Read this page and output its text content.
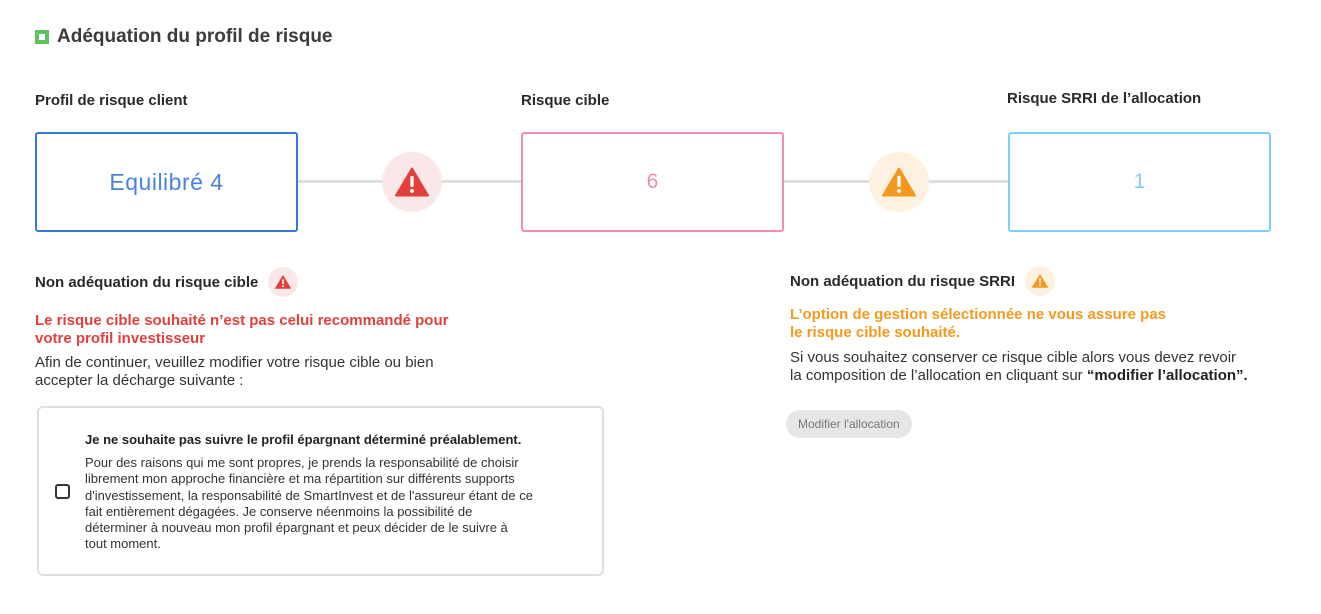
Adéquation du profil de risque
Profil de risque client	Risque cible	Risque SRRI de l’allocation
Equilibré 4	6	1
Non adéquation du risque cible
Le risque cible souhaité n’est pas celui recommandé pour
votre profil investisseur
Afin de continuer, veuillez modifier votre risque cible ou bien
accepter la décharge suivante :
Je ne souhaite pas suivre le profil épargnant déterminé préalablement.
Pour des raisons qui me sont propres, je prends la responsabilité de choisir
librement mon approche financière et ma répartition sur différents supports
d'investissement, la responsabilité de SmartInvest et de l'assureur étant de ce
fait entièrement dégagées. Je conserve néenmoins la possibilité de
déterminer à nouveau mon profil épargnant et peux décider de le suivre à
tout moment.
Non adéquation du risque SRRI
L’option de gestion sélectionnée ne vous assure pas
le risque cible souhaité.
Si vous souhaitez conserver ce risque cible alors vous devez revoir
la composition de l’allocation en cliquant sur “modifier l’allocation”.
Modifier l'allocation
